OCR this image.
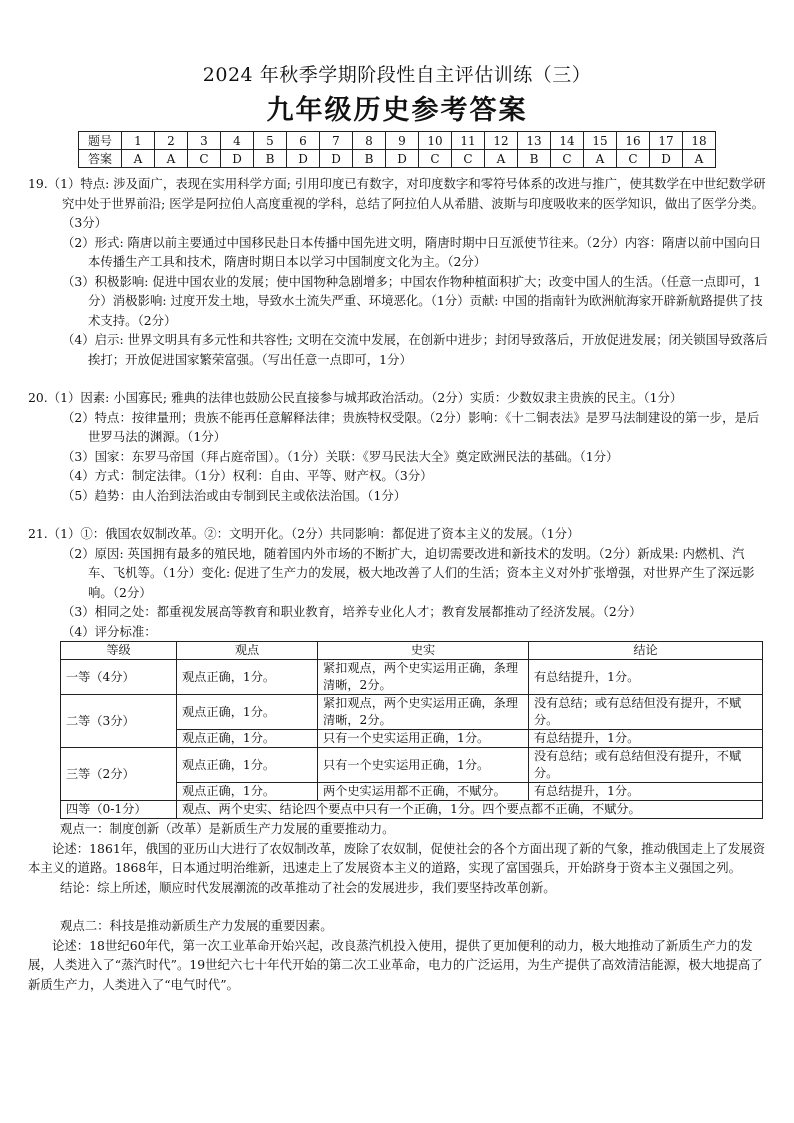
2024 年秋季学期阶段性自主评估训练（三）
九年级历史参考答案
题号	1	2	3	4	5	6	7	8	9	10	11	12	13	14	15	16	17	18
答案	A	A	C	D	B	D	D	B	D	C	C	A	B	C	A	C	D	A

19.（1）特点: 涉及面广，表现在实用科学方面; 引用印度已有数字，对印度数字和零符号体系的改进与推广，使其数学在中世纪数学研究中处于世界前沿; 医学是阿拉伯人高度重视的学科，总结了阿拉伯人从希腊、波斯与印度吸收来的医学知识，做出了医学分类。（3分）

（2）形式: 隋唐以前主要通过中国移民赴日本传播中国先进文明，隋唐时期中日互派使节往来。（2分）内容：隋唐以前中国向日本传播生产工具和技术，隋唐时期日本以学习中国制度文化为主。（2分）

（3）积极影响: 促进中国农业的发展；使中国物种急剧增多；中国农作物种植面积扩大；改变中国人的生活。（任意一点即可，1分）消极影响: 过度开发土地，导致水土流失严重、环境恶化。（1分）贡献: 中国的指南针为欧洲航海家开辟新航路提供了技术支持。（2分）

（4）启示: 世界文明具有多元性和共容性; 文明在交流中发展，在创新中进步；封闭导致落后，开放促进发展；闭关锁国导致落后挨打；开放促进国家繁荣富强。（写出任意一点即可，1分）

20.（1）因素: 小国寡民; 雅典的法律也鼓励公民直接参与城邦政治活动。（2分）实质：少数奴隶主贵族的民主。（1分）

（2）特点：按律量刑；贵族不能再任意解释法律；贵族特权受限。（2分）影响：《十二铜表法》是罗马法制建设的第一步，是后世罗马法的渊源。（1分）

（3）国家：东罗马帝国（拜占庭帝国）。（1分）关联：《罗马民法大全》奠定欧洲民法的基础。（1分）

（4）方式：制定法律。（1分）权利：自由、平等、财产权。（3分）

（5）趋势：由人治到法治或由专制到民主或依法治国。（1分）

21.（1）①：俄国农奴制改革。②：文明开化。（2分）共同影响：都促进了资本主义的发展。（1分）

（2）原因: 英国拥有最多的殖民地，随着国内外市场的不断扩大，迫切需要改进和新技术的发明。（2分）新成果: 内燃机、汽车、飞机等。（1分）变化: 促进了生产力的发展，极大地改善了人们的生活；资本主义对外扩张增强，对世界产生了深远影响。（2分）

（3）相同之处：都重视发展高等教育和职业教育，培养专业化人才；教育发展都推动了经济发展。（2分）

（4）评分标准：

等级	观点	史实	结论
一等（4分）	观点正确，1分。	紧扣观点，两个史实运用正确，条理清晰，2分。	有总结提升，1分。
二等（3分）	观点正确，1分。	紧扣观点，两个史实运用正确，条理清晰，2分。	没有总结；或有总结但没有提升，不赋分。
	观点正确，1分。	只有一个史实运用正确，1分。	有总结提升，1分。
三等（2分）	观点正确，1分。	只有一个史实运用正确，1分。	没有总结；或有总结但没有提升，不赋分。
	观点正确，1分。	两个史实运用都不正确，不赋分。	有总结提升，1分。
四等（0-1分）	观点、两个史实、结论四个要点中只有一个正确，1分。四个要点都不正确，不赋分。		

观点一：制度创新（改革）是新质生产力发展的重要推动力。

论述：1861年，俄国的亚历山大进行了农奴制改革，废除了农奴制，促使社会的各个方面出现了新的气象，推动俄国走上了发展资本主义的道路。1868年，日本通过明治维新，迅速走上了发展资本主义的道路，实现了富国强兵，开始跻身于资本主义强国之列。

结论：综上所述，顺应时代发展潮流的改革推动了社会的发展进步，我们要坚持改革创新。

观点二：科技是推动新质生产力发展的重要因素。

论述：18世纪60年代，第一次工业革命开始兴起，改良蒸汽机投入使用，提供了更加便利的动力，极大地推动了新质生产力的发展，人类进入了“蒸汽时代”。19世纪六七十年代开始的第二次工业革命，电力的广泛运用，为生产提供了高效清洁能源，极大地提高了新质生产力，人类进入了“电气时代”。
